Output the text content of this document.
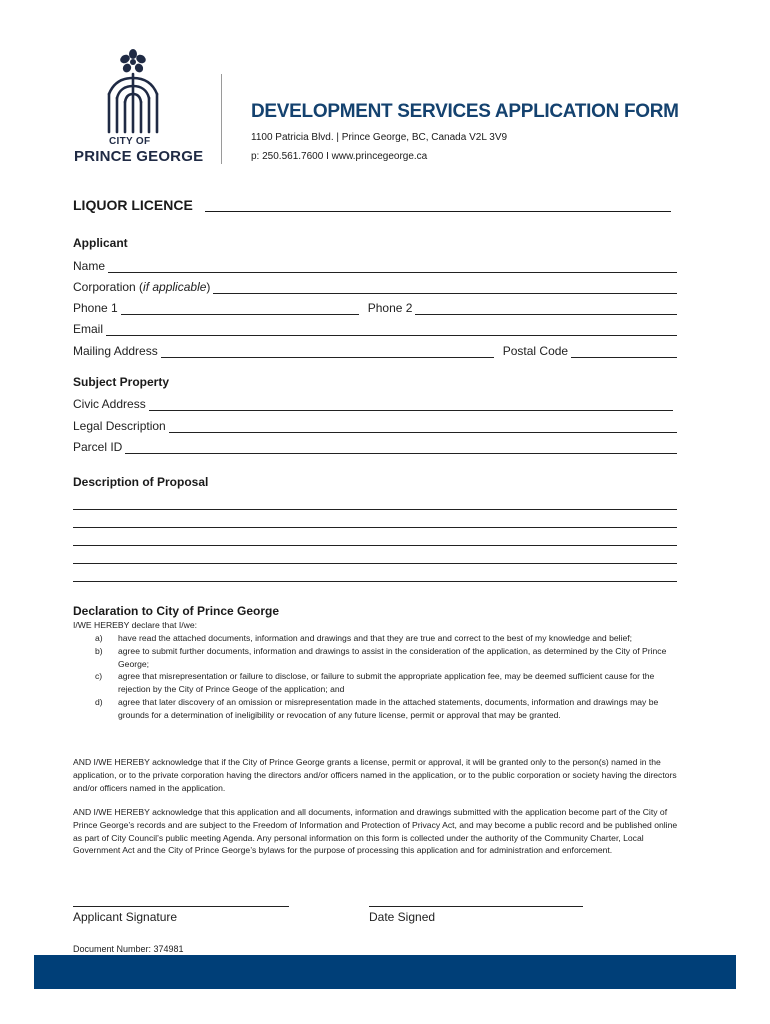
CITY OF
PRINCE GEORGE
DEVELOPMENT SERVICES APPLICATION FORM
1100 Patricia Blvd. | Prince George, BC, Canada V2L 3V9
p: 250.561.7600 I www.princegeorge.ca
LIQUOR LICENCE
Applicant
Name
Corporation (if applicable)
Phone 1	Phone 2
Email
Mailing Address	Postal Code
Subject Property
Civic Address
Legal Description
Parcel ID
Description of Proposal
Declaration to City of Prince George
I/WE HEREBY declare that I/we:
a)	have read the attached documents, information and drawings and that they are true and correct to the best of my knowledge and belief;
b)	agree to submit further documents, information and drawings to assist in the consideration of the application, as determined by the City of Prince George;
c)	agree that misrepresentation or failure to disclose, or failure to submit the appropriate application fee, may be deemed sufficient cause for the rejection by the City of Prince Geoge of the application; and
d)	agree that later discovery of an omission or misrepresentation made in the attached statements, documents, information and drawings may be grounds for a determination of ineligibility or revocation of any future license, permit or approval that may be granted.
AND I/WE HEREBY acknowledge that if the City of Prince George grants a license, permit or approval, it will be granted only to the person(s) named in the application, or to the private corporation having the directors and/or officers named in the application, or to the public corporation or society having the directors and/or officers named in the application.
AND I/WE HEREBY acknowledge that this application and all documents, information and drawings submitted with the application become part of the City of Prince George’s records and are subject to the Freedom of Information and Protection of Privacy Act, and may become a public record and be published online as part of City Council’s public meeting Agenda. Any personal information on this form is collected under the authority of the Community Charter, Local Government Act and the City of Prince George’s bylaws for the purpose of processing this application and for administration and enforcement.
Applicant Signature	Date Signed
Document Number: 374981
